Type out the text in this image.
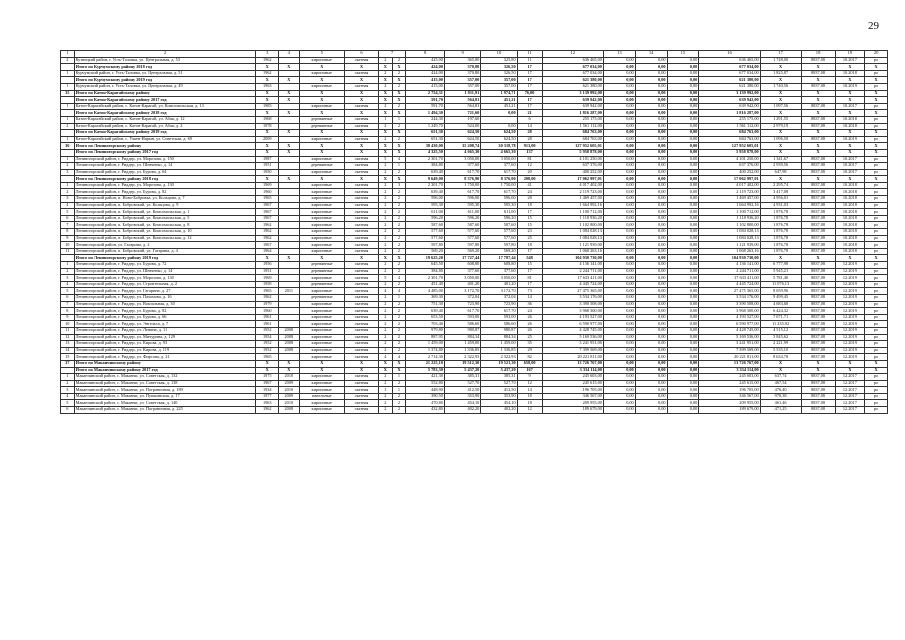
29
1	2	3	4	5	6	7		8	9	10	11	12	13	14	15	16	17	18	19	20
2	Кузнецкий район, г. Усть-Таловка, ул. Центральная, д. 53	1962		кирпичные	скатная	2	2	425,00	365,80	325,80	11	636 465,00	0,00	0,00	0,00	636 465,00	1 748,00	8837,08	10.2017	ро
	Итого по Курчумскому району 2018 год	Х	Х	Х	Х	Х	Х	424,00	370,80	326,50	17	677 034,00	0,00	0,00	0,00	677 034,00	Х	Х	Х	Х
1	Курчумский район, г. Усть-Таловка, ул. Центральная, д. 51	1962		кирпичные	скатная	2	2	424,00	370,80	326,50	17	677 034,00	0,00	0,00	0,00	677 034,00	1 825,87	8837,08	10.2018	ро
	Итого по Курчумскому району 2019 год	Х	Х	Х	Х	Х	Х	415,00	357,00	357,00	17	621 380,00	0,00	0,00	0,00	621 380,00	Х	Х	Х	Х
1	Курчумский район, г. Усть-Таловка, ул. Центральная, д. 49	1963		кирпичные	скатная	2	2	415,00	357,00	357,00	17	621 380,00	0,00	0,00	0,00	621 380,00	1 740,56	8837,08	10.2019	ро
35	Итого по Катон-Карагайскому району	Х	Х	Х	Х	Х	Х	2 754,31	1 911,91	1 974,71	76,00	3 139 992,00	0,00	0,00	0,00	3 139 992,00	Х	Х	Х	Х
	Итого по Катон-Карагайскому району 2017 год	Х	Х	Х	Х	Х	Х	591,70	564,81	451,21	17	639 942,00	0,00	0,00	0,00	639 942,00	Х	Х	Х	Х
1	Катон-Карагайский район, с. Катон-Карагай, ул. Комсомольская, д. 13	1985		кирпичные	скатная	2	2	591,70	564,81	451,21	17	639 942,00	0,00	0,00	0,00	639 942,00	1 097,56	8837,08	10.2017	ро
	Итого по Катон-Карагайскому району 2018 год	Х	Х	Х	Х	Х	Х	1 494,30	721,60	0,00	21	1 816 287,00	0,00	0,00	0,00	1 816 287,00	Х	Х	Х	Х
1	Катон-Карагайский район, с. Катон-Карагай, ул. Абая, д. 12	1968		деревянные	скатная	1	1	244,30	197,60		6	255 175,00	0,00	0,00	0,00	255 175,00	1 291,55	8837,08	10.2018	ро
2	Катон-Карагайский район, с. Катон-Карагай, ул. Абая, д. 2	1978		деревянные	скатная	2	2	1 249,70	524,00	0,00	14	1 561 112,00	0,00	0,00	0,00	1 561 112,00	2 979,19	8837,08	10.2018	ро
	Итого по Катон-Карагайскому району 2019 год	Х	Х	Х	Х	Х	Х	651,30	624,50	624,50	28	684 763,00	0,00	0,00	0,00	684 763,00	Х	Х	Х	Х
1	Катон-Карагайский район, с. Улкен-Нарын, ул. Советская, д. 69	2009		кирпичные	скатная	2	2	651,30	624,50	624,50	28	684 763,00	0,00	0,00	0,00	684 763,00	1 096,50	8837,08	10.2019	ро
36	Итого по Лениногорскому району	Х	Х	Х	Х	Х	Х	38 430,00	35 208,74	30 318,78	913,00	127 952 605,01	0,00	0,00	0,00	127 952 605,01	Х	Х	Х	Х
	Итого по Лениногорскому району 2017 год	Х	Х	Х	Х	Х	Х	4 325,50	4 665,30	4 665,30	137	5 958 878,00	0,00	0,00	0,00	5 958 878,00	Х	Х	Х	Х
1	Лениногорский район, г. Риддер, ул. Морозова, д. 150	1987		кирпичные	скатная	5	4	2 301,70	3 050,00	3 050,00	81	4 101 250,00	0,00	0,00	0,00	4 101 250,00	1 341,67	8837,08	10.2017	ро
2	Лениногорский район, г. Риддер, ул. Шевченко, д. 14	1951		деревянные	скатная	2	1	384,80	377,60	377,60	12	637 376,00	0,00	0,00	0,00	637 376,00	2 939,56	8837,08	10.2017	ро
3	Лениногорский район, г. Риддер, ул. Бурова, д. 64	1950		кирпичные	скатная	2	2	639,40	617,70	617,70	20	400 252,00	0,00	0,00	0,00	400 252,00	647,98	8837,08	10.2017	ро
	Итого по Лениногорскому району 2018 год	Х	Х	Х	Х	Х	Х	9 649,00	8 376,90	8 376,90	208,00	17 062 997,01	0,00	0,00	0,00	17 062 997,01	Х	Х	Х	Х
1	Лениногорский район, г. Риддер, ул. Морозова, д. 130	1969		кирпичные	скатная	2	3	2 301,70	1 750,00	1 750,00	41	4 017 402,00	0,00	0,00	0,00	4 017 402,00	2 295,74	8837,08	10.2018	ро
2	Лениногорский район, г. Риддер, ул. Бурова, д. 82	1960		кирпичные	скатная	2	2	639,40	617,70	617,70	24	2 119 723,00	0,00	0,00	0,00	2 119 723,00	3 417,08	8837,08	10.2018	ро
3	Лениногорский район, п. Ново-Бобровка, ул. Кольцова, д. 7	1965		кирпичные	скатная	2	2	596,00	596,00	596,00	28	1 469 457,00	0,00	0,00	0,00	1 469 457,00	4 956,01	8837,08	10.2018	ро
4	Лениногорский район, п. Бобровский, ул. Кольцова, д. 9	1967		кирпичные	скатная	2	2	595,30	595,30	595,30	18	1 664 992,16	0,00	0,00	0,00	1 664 992,16	4 931,03	8837,08	10.2018	ро
5	Лениногорский район, п. Бобровский, ул. Комсомольская, д. 1	1967		кирпичные	скатная	2	2	611,00	611,00	611,00	17	1 100 712,00	0,00	0,00	0,00	1 100 712,00	1 876,78	8837,08	10.2018	ро
6	Лениногорский район, п. Бобровский, ул. Комсомольская, д. 5	1967		кирпичные	скатная	2	2	596,20	596,20	596,20	15	1 118 936,20	0,00	0,00	0,00	1 118 936,20	1 876,78	8837,08	10.2018	ро
7	Лениногорский район, п. Бобровский, ул. Комсомольская, д. 8	1962		кирпичные	скатная	2	2	587,60	587,60	587,60	15	1 102 800,00	0,00	0,00	0,00	1 102 800,00	1 876,78	8837,08	10.2018	ро
8	Лениногорский район, п. Бобровский, ул. Комсомольская, д. 10	1962		кирпичные	скатная	2	2	577,60	577,60	577,60	23	1 084 028,13	0,00	0,00	0,00	1 084 028,13	1 876,78	8837,08	10.2018	ро
9	Лениногорский район, п. Бобровский, ул. Комсомольская, д. 12	1962		кирпичные	скатная	2	2	577,60	577,60	577,60	25	1 084 028,13	0,00	0,00	0,00	1 084 028,13	1 876,78	8837,08	10.2018	ро
10	Лениногорский район, ул. Гагарина, д. 2	1967		кирпичные	скатная	2	2	597,80	597,80	597,80	18	1 121 939,00	0,00	0,00	0,00	1 121 939,00	1 876,78	8837,08	10.2018	ро
11	Лениногорский район, п. Бобровский, ул. Гагарина, д. 4	1964		кирпичные	скатная	2	2	569,20	569,20	569,20	17	1 068 263,16	0,00	0,00	0,00	1 068 263,16	1 876,78	8837,08	10.2018	ро
	Итого по Лениногорскому району 2019 год	Х	Х	Х	Х	Х	Х	19 625,20	17 727,44	17 787,44	548	104 930 730,00	0,00	0,00	0,00	104 930 730,00	Х	Х	Х	Х
1	Лениногорский район, г. Риддер, ул. Бурова, д. 72	1956		деревянные	скатная	2	2	645,50	608,80	608,80	15	4 136 141,00	0,00	0,00	0,00	4 136 141,00	6 777,98	8837,08	12.2019	ро
2	Лениногорский район, г. Риддер, ул. Шевченко, д. 14	1951		деревянные	скатная	2	2	384,80	377,60	377,60	17	2 244 711,00	0,00	0,00	0,00	2 244 711,00	5 945,21	8837,08	12.2019	ро
3	Лениногорский район, г. Риддер, ул. Морозова, д. 130	1969		кирпичные	скатная	5	4	2 301,70	3 050,00	3 050,00	81	17 633 411,00	0,00	0,00	0,00	17 633 411,00	5 781,40	8837,08	12.2019	ро
4	Лениногорский район, г. Риддер, ул. Строительная, д. 2	1958		деревянные	скатная	2	2	451,40	401,20	401,20	17	4 445 724,00	0,00	0,00	0,00	4 445 724,00	11 076,13	8837,08	12.2019	ро
5	Лениногорский район, г. Риддер, ул. Гагарина, д. 27	1965	2011	кирпичные	скатная	4	4	4 485,00	3 172,70	3 172,70	73	27 475 365,00	0,00	0,00	0,00	27 475 365,00	8 659,96	8837,08	12.2019	ро
6	Лениногорский район, г. Риддер, ул. Пахомова, д. 16	1962		деревянные	скатная	2	1	369,30	372,04	372,04	14	3 534 176,00	0,00	0,00	0,00	3 534 176,00	9 499,45	8837,08	12.2019	ро
7	Лениногорский район, г. Риддер, ул. Вокзальная, д. 30	1979		кирпичные	скатная	2	2	751,30	723,90	723,90	36	3 390 508,00	0,00	0,00	0,00	3 390 508,00	4 683,68	8837,08	12.2019	ро
8	Лениногорский район, г. Риддер, ул. Бурова, д. 82	1960		кирпичные	скатная	2	2	639,40	617,70	617,70	24	3 968 300,00	0,00	0,00	0,00	3 968 300,00	6 424,32	8837,08	12.2019	ро
9	Лениногорский район, г. Риддер, ул. Бурова, д. 66	1961		кирпичные	скатная	2	2	653,50	593,00	593,00	26	4 193 527,00	0,00	0,00	0,00	4 193 527,00	7 071,71	8837,08	12.2019	ро
10	Лениногорский район, г. Риддер, ул. Энгельса, д. 7	1961		кирпичные	скатная	2	2	703,40	586,60	586,60	26	6 590 977,00	0,00	0,00	0,00	6 590 977,00	11 235,92	8837,08	12.2019	ро
11	Лениногорский район, г. Риддер, ул. Ленина, д. 11	1952	2008	кирпичные	скатная	2	2	979,80	980,87	980,87	26	4 428 745,00	0,00	0,00	0,00	4 428 745,00	4 515,12	8837,08	12.2019	ро
12	Лениногорский район, г. Риддер, ул. Мичурина, д. 129	1954	2008	кирпичные	скатная	2	2	887,95	884,34	884,34	25	5 169 536,00	0,00	0,00	0,00	5 169 536,00	5 845,62	8837,08	12.2019	ро
13	Лениногорский район, г. Риддер, ул. Кирова, д. 93	1952	2008	кирпичные	скатная	2	2	1 459,00	1 459,00	1 459,00	35	3 241 951,00	0,00	0,00	0,00	3 241 951,00	2 221,99	8837,08	12.2019	ро
14	Лениногорский район, г. Риддер, ул. Кирова, д. 119	1952	2008	кирпичные	скатная	2	2	1 374,80	1 336,85	1 336,85	29	7 399 569,00	0,00	0,00	0,00	7 399 569,00	5 535,10	8837,08	12.2019	ро
15	Лениногорский район, г. Риддер, ул. Фирсова, д. 21	1965		кирпичные	скатная	4	4	2 714,30	2 322,93	2 322,93	82	20 221 811,00	0,00	0,00	0,00	20 221 811,00	8 634,78	8837,08	12.2019	ро
37	Итого по Маканчинскому району	Х	Х	Х	Х	Х	Х	21 225,10	19 512,30	19 521,30	658,00	13 726 767,00	0,00	0,00	0,00	13 726 767,00	Х	Х	Х	Х
	Итого по Маканчинскому району 2017 год	Х	Х	Х	Х	Х	Х	5 783,30	5 437,20	5 437,20	167	3 334 114,00	0,00	0,00	0,00	3 334 114,00	Х	Х	Х	Х
1	Маканчинский район, с. Маканчи, ул. Советская, д. 132	1975	2010	кирпичные	скатная	2	1	421,30	385,31	385,31	9	245 603,00	0,00	0,00	0,00	245 603,00	637,74	8837,08	12.2017	ро
2	Маканчинский район, с. Маканчи, ул. Советская, д. 138	1967	2009	кирпичные	скатная	2	2	552,80	527,70	527,70	12	245 615,00	0,00	0,00	0,00	245 615,00	467,54	8837,08	12.2017	ро
3	Маканчинский район, с. Маканчи, ул. Пограничная, д. 189	1934	2010	кирпичные	скатная	1	1	448,90	412,50	412,50	14	196 705,00	0,00	0,00	0,00	196 705,00	476,40	8837,08	12.2017	ро
4	Маканчинский район, с. Маканчи, ул. Пушкинская, д. 17	1977	2009	панельные	скатная	2	2	390,50	353,90	353,90	18	346 567,00	0,00	0,00	0,00	346 567,00	970,38	8837,08	12.2017	ро
5	Маканчинский район, с. Маканчи, ул. Советская, д. 140	1963	2010	кирпичные	скатная	2	2	470,80	454,10	454,10	18	209 955,00	0,00	0,00	0,00	209 955,00	461,46	8837,08	12.2017	ро
6	Маканчинский район, с. Маканчи, ул. Пограничная, д. 225	1962	2008	кирпичные	скатная	2	2	432,80	402,20	402,20	12	189 679,00	0,00	0,00	0,00	189 679,00	471,25	8837,08	12.2017	ро
